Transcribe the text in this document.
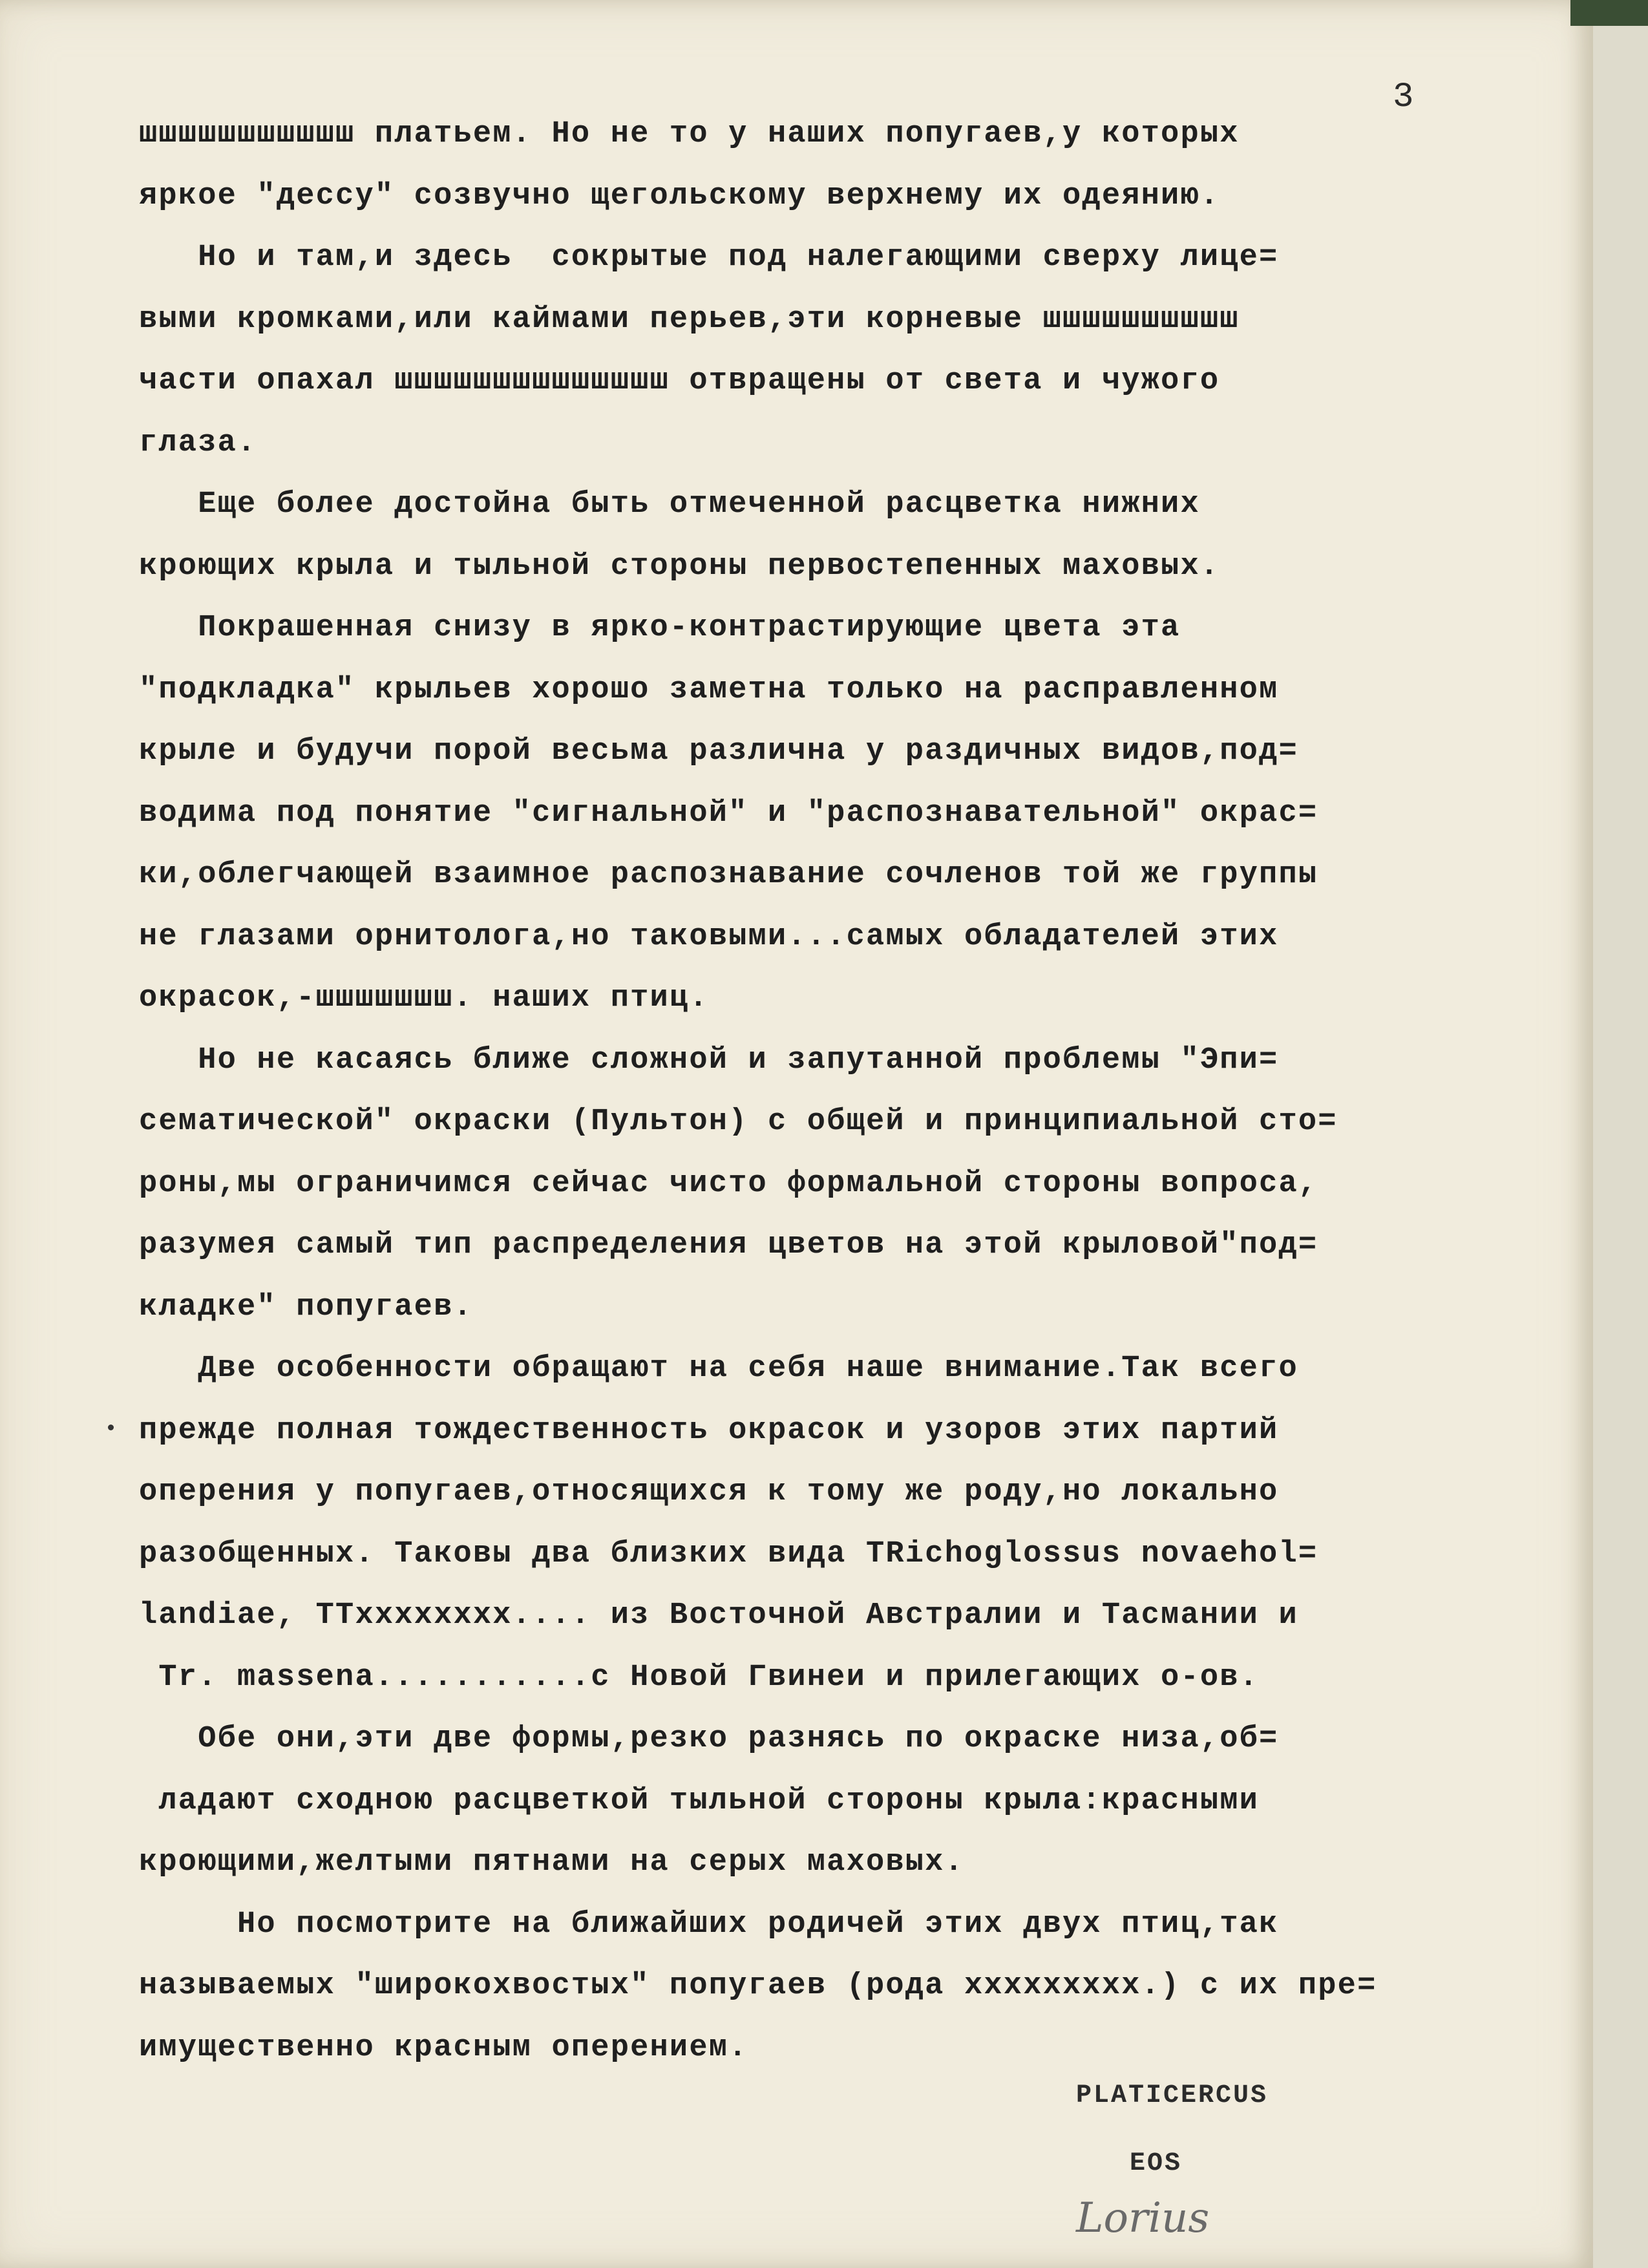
3
шшшшшшшшшшш платьем. Но не то у наших попугаев,у которых
яркое "дессу" созвучно щегольскому верхнему их одеянию.
Но и там,и здесь  сокрытые под налегающими сверху лице=
выми кромками,или каймами перьев,эти корневые шшшшшшшшшш
части опахал шшшшшшшшшшшшшш отвращены от света и чужого
глаза.
Еще более достойна быть отмеченной расцветка нижних
кроющих крыла и тыльной стороны первостепенных маховых.
Покрашенная снизу в ярко-контрастирующие цвета эта
"подкладка" крыльев хорошо заметна только на расправленном
крыле и будучи порой весьма различна у раздичных видов,под=
водима под понятие "сигнальной" и "распознавательной" окрас=
ки,облегчающей взаимное распознавание сочленов той же группы
не глазами орнитолога,но таковыми...самых обладателей этих
окрасок,-шшшшшшш. наших птиц.
Но не касаясь ближе сложной и запутанной проблемы "Эпи=
сематической" окраски (Пультон) с общей и принципиальной сто=
роны,мы ограничимся сейчас чисто формальной стороны вопроса,
разумея самый тип распределения цветов на этой крыловой"под=
кладке" попугаев.
Две особенности обращают на себя наше внимание.Так всего
прежде полная тождественность окрасок и узоров этих партий
оперения у попугаев,относящихся к тому же роду,но локально
разобщенных. Таковы два близких вида TRichoglossus novaehol=
landiae, TTxxxxxxxx.... из Восточной Австралии и Тасмании и
Tr. massena...........с Новой Гвинеи и прилегающих о-ов.
Обе они,эти две формы,резко разнясь по окраске низа,об=
ладают сходною расцветкой тыльной стороны крыла:красными
кроющими,желтыми пятнами на серых маховых.
Но посмотрите на ближайших родичей этих двух птиц,так
называемых "широкохвостых" попугаев (рода xxxxxxxxx.) с их пре=
имущественно красным оперением.
PLATICERCUS
EOS
Lorius
